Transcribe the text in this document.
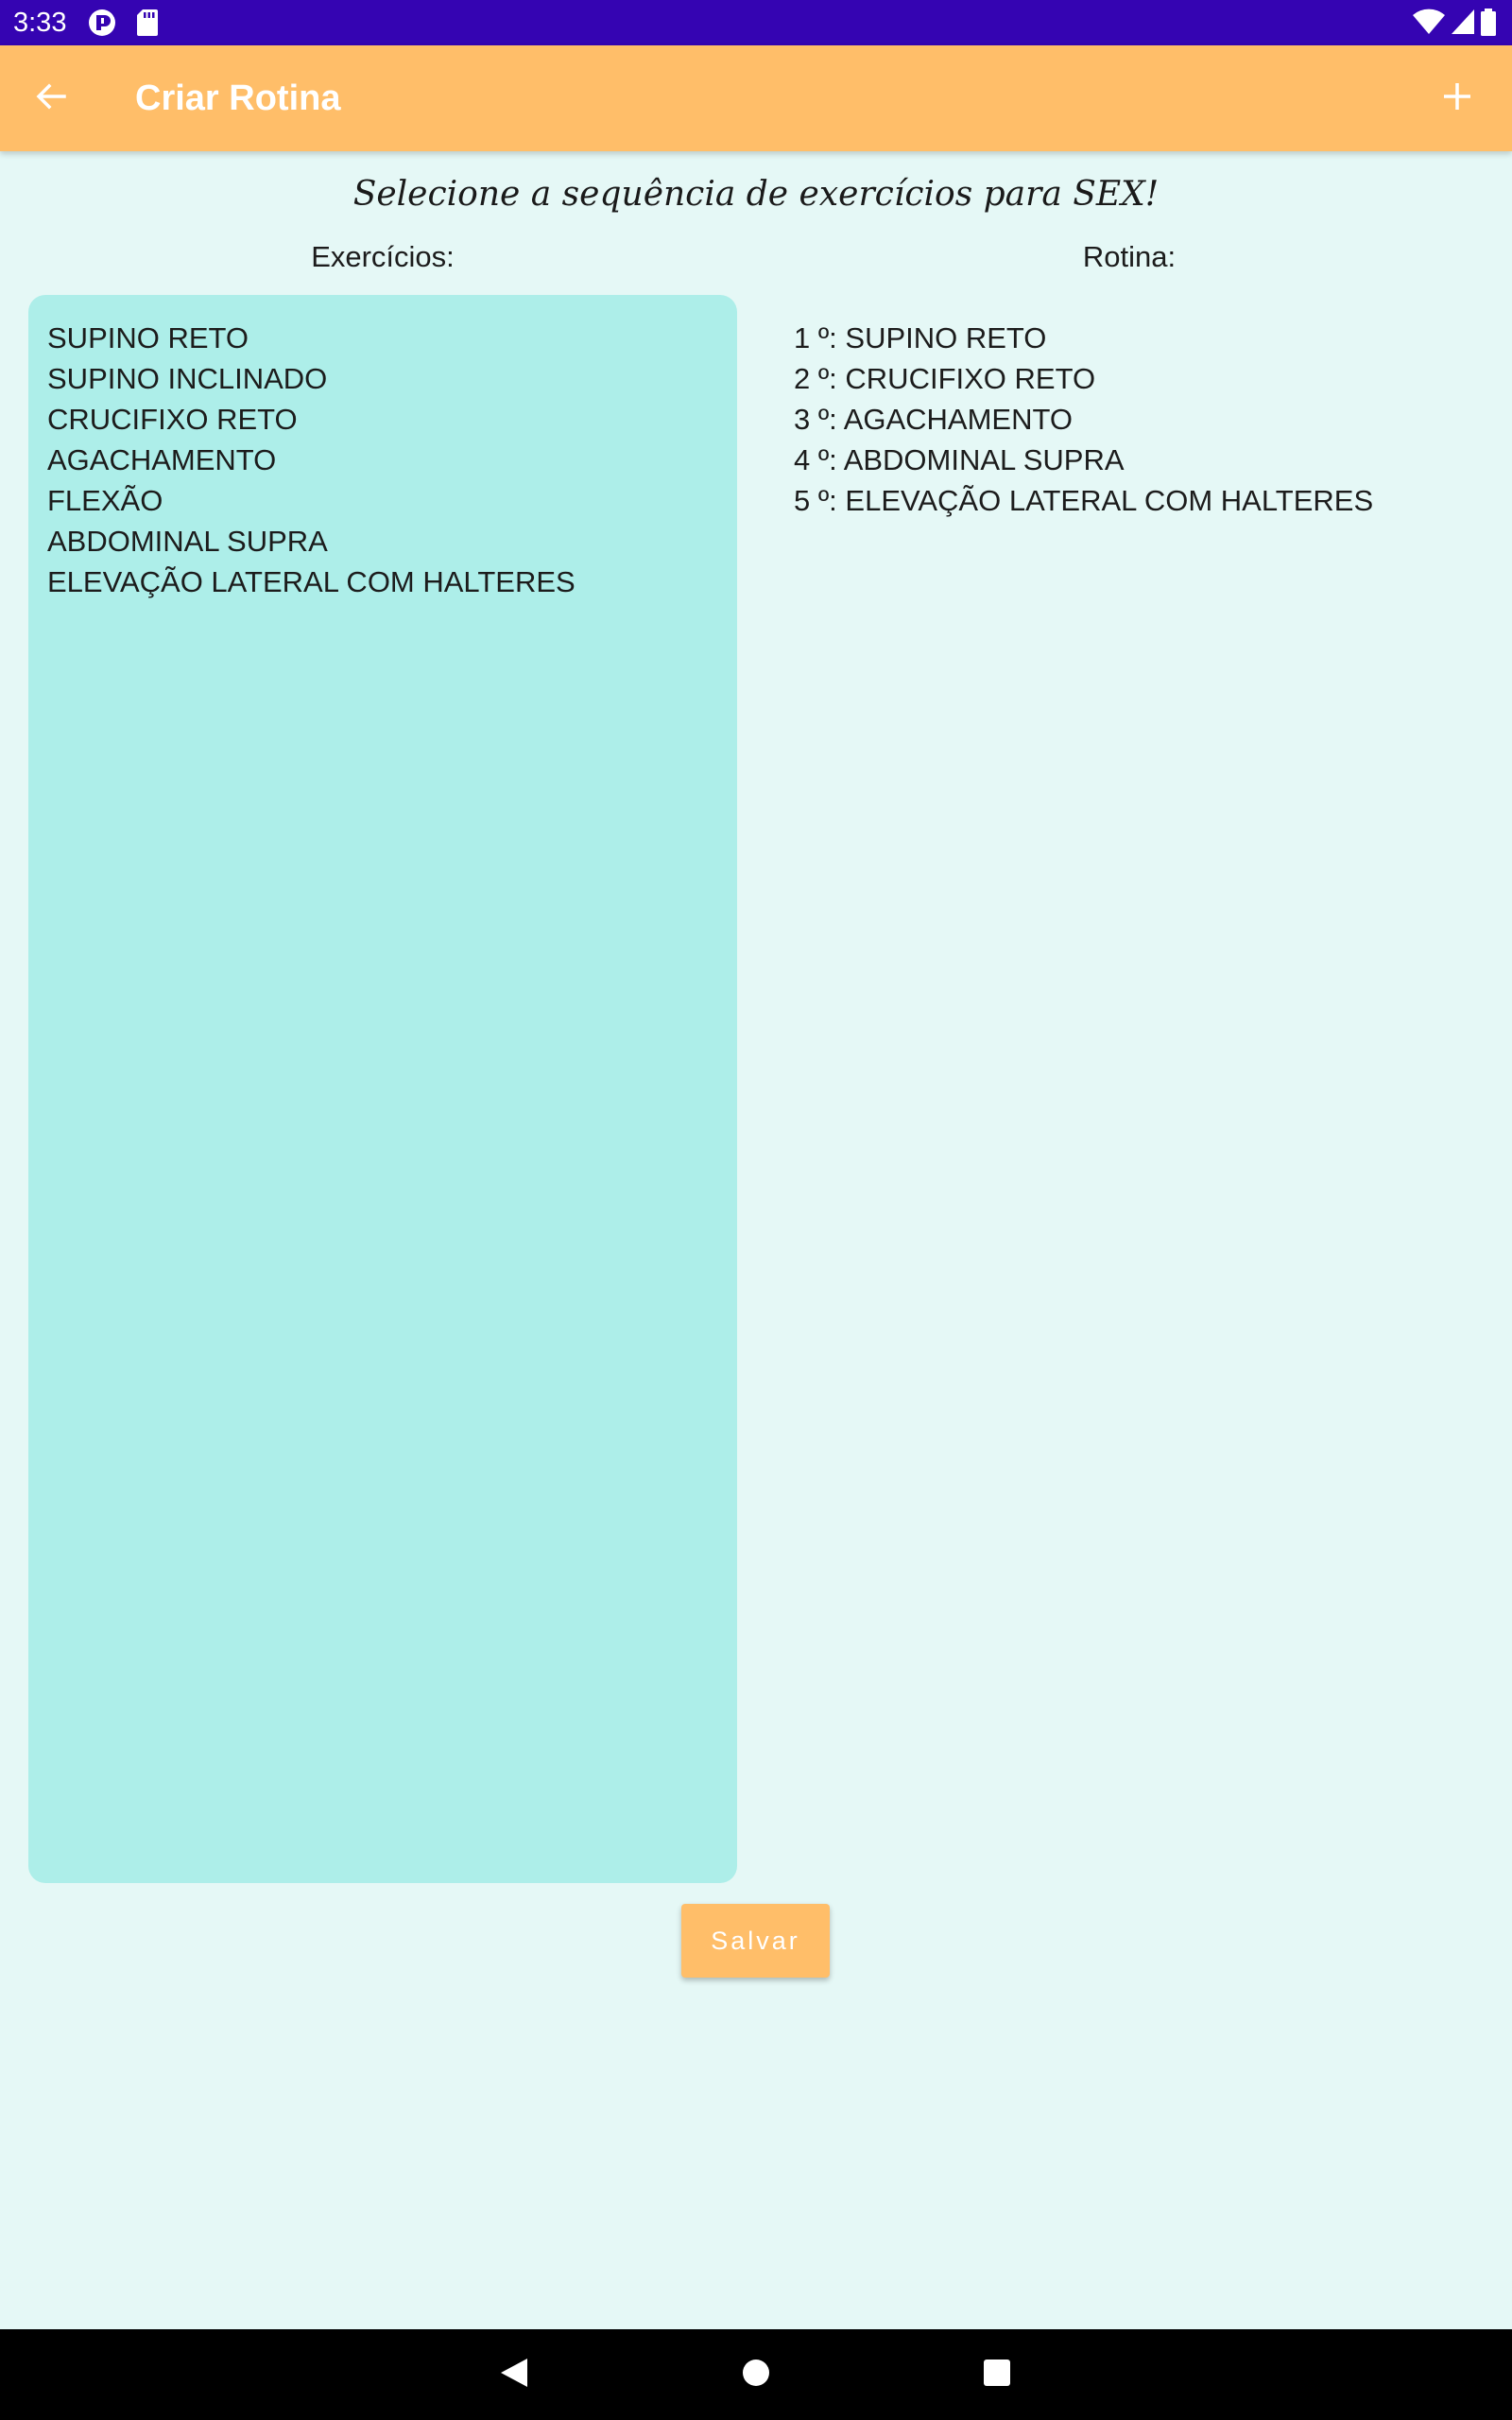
3:33
Criar Rotina
Selecione a sequência de exercícios para SEX!
Exercícios:	Rotina:
SUPINO RETO
SUPINO INCLINADO
CRUCIFIXO RETO
AGACHAMENTO
FLEXÃO
ABDOMINAL SUPRA
ELEVAÇÃO LATERAL COM HALTERES
1 º: SUPINO RETO
2 º: CRUCIFIXO RETO
3 º: AGACHAMENTO
4 º: ABDOMINAL SUPRA
5 º: ELEVAÇÃO LATERAL COM HALTERES
Salvar
